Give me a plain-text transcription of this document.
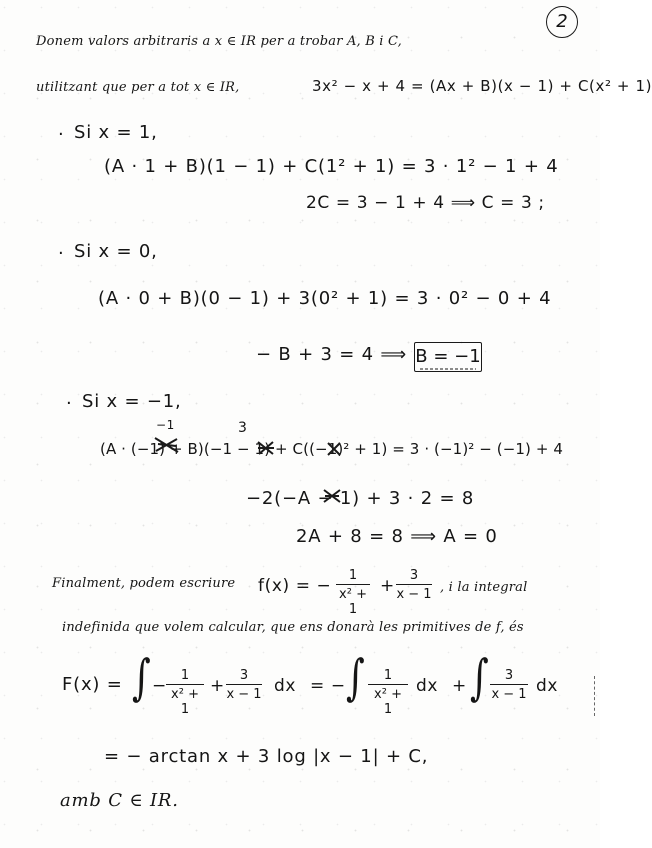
2
Donem valors arbitraris a x ∈ IR per a trobar A, B i C,
utilitzant que per a tot x ∈ IR,	3x² − x + 4 = (Ax + B)(x − 1) + C(x² + 1)
· Si x = 1,
(A · 1 + B)(1 − 1) + C(1² + 1) = 3 · 1² − 1 + 4
2C = 3 − 1 + 4 ⟹ C = 3 ;
· Si x = 0,
(A · 0 + B)(0 − 1) + 3(0² + 1) = 3 · 0² − 0 + 4
− B + 3 = 4 ⟹ B = −1
· Si x = −1,
−1	3
(A · (−1) + B)(−1 − 1) + C((−1)² + 1) = 3 · (−1)² − (−1) + 4
−2(−A − 1) + 3 · 2 = 8
2A + 8 = 8 ⟹ A = 0
Finalment, podem escriure f(x) = −
1
x² + 1
+
3
x − 1 , i la integral
indefinida que volem calcular, que ens donarà les primitives de f, és
F(x) = ∫ −
1
x² + 1
+
3
x − 1 dx = − ∫	1
x² + 1
dx + ∫	3
x − 1 dx
= − arctan x + 3 log |x − 1| + C,
amb C ∈ IR.
